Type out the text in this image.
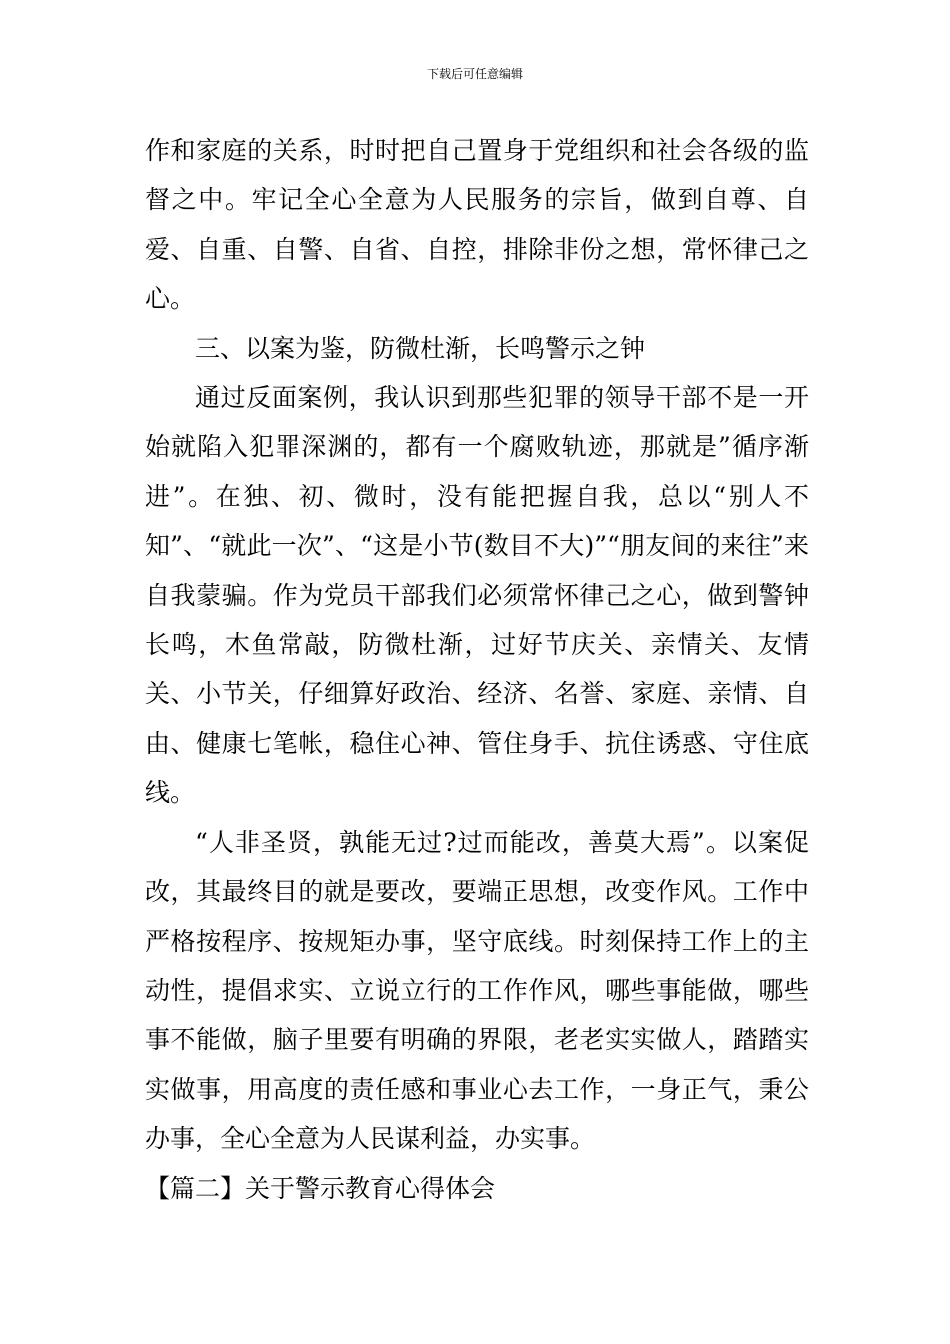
下载后可任意编辑

作和家庭的关系，时时把自己置身于党组织和社会各级的监督之中。牢记全心全意为人民服务的宗旨，做到自尊、自爱、自重、自警、自省、自控，排除非份之想，常怀律己之心。

三、以案为鉴，防微杜渐，长鸣警示之钟

通过反面案例，我认识到那些犯罪的领导干部不是一开始就陷入犯罪深渊的，都有一个腐败轨迹，那就是”循序渐进”。在独、初、微时，没有能把握自我，总以“别人不知”、“就此一次”、“这是小节(数目不大)”“朋友间的来往”来自我蒙骗。作为党员干部我们必须常怀律己之心，做到警钟长鸣，木鱼常敲，防微杜渐，过好节庆关、亲情关、友情关、小节关，仔细算好政治、经济、名誉、家庭、亲情、自由、健康七笔帐，稳住心神、管住身手、抗住诱惑、守住底线。

“人非圣贤，孰能无过?过而能改，善莫大焉”。以案促改，其最终目的就是要改，要端正思想，改变作风。工作中严格按程序、按规矩办事，坚守底线。时刻保持工作上的主动性，提倡求实、立说立行的工作作风，哪些事能做，哪些事不能做，脑子里要有明确的界限，老老实实做人，踏踏实实做事，用高度的责任感和事业心去工作，一身正气，秉公办事，全心全意为人民谋利益，办实事。

【篇二】关于警示教育心得体会
